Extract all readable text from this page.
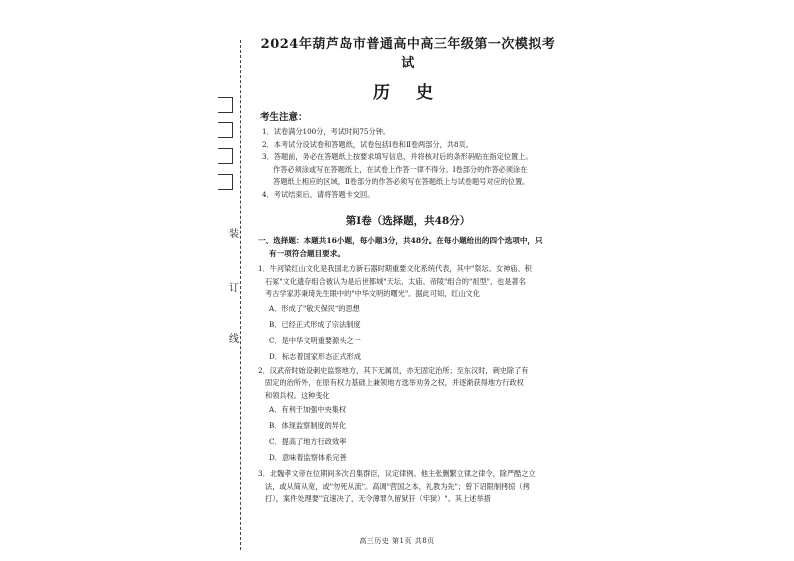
装
订
线
2024年葫芦岛市普通高中高三年级第一次模拟考试
历 史
考生注意：
1．试卷满分100分，考试时间75分钟。
2．本考试分设试卷和答题纸，试卷包括Ⅰ卷和Ⅱ卷两部分，共8页。
3．答题前，务必在答题纸上按要求填写信息，并将核对后的条形码贴在指定位置上。
作答必须涂或写在答题纸上，在试卷上作答一律不得分。Ⅰ卷部分的作答必须涂在
答题纸上相应的区域，Ⅱ卷部分的作答必须写在答题纸上与试卷题号对应的位置。
4．考试结束后，请将答题卡交回。
第Ⅰ卷（选择题，共48分）
一、选择题：本题共16小题，每小题3分，共48分。在每小题给出的四个选项中，只
有一项符合题目要求。
1．牛河梁红山文化是我国北方新石器时期重要文化系统代表，其中"祭坛、女神庙、积
石冢"文化遗存组合被认为是后世都城"天坛、太庙、帝陵"组合的"祖型"，也是著名
考古学家苏秉琦先生眼中的"中华文明的曙光"。据此可知，红山文化
A．形成了"敬天保民"的思想
B．已经正式形成了宗法制度
C．是中华文明重要源头之一
D．标志着国家形态正式形成
2．汉武帝时始设刺史监察地方，其下无属员，亦无固定治所；至东汉时，刺史除了有
固定的治所外，在原有权力基础上兼领地方选举劝务之权，并逐渐获得地方行政权
和领兵权。这种变化
A．有利于加强中央集权
B．体现监察制度的异化
C．提高了地方行政效率
D．意味着监察体系完善
3．北魏孝文帝在位期间多次召集群臣，议定律例。他主张删繁立律之律令，除严酷之立
法，或从简从宽，或"勿死从流"。高调"营国之本，礼教为先"；曾下诏限制拷掠（拷
打），案件处理要"宜速决了，无令薄罪久留狱犴（牢狱）"。其上述举措
高三历史 第1页 共8页
